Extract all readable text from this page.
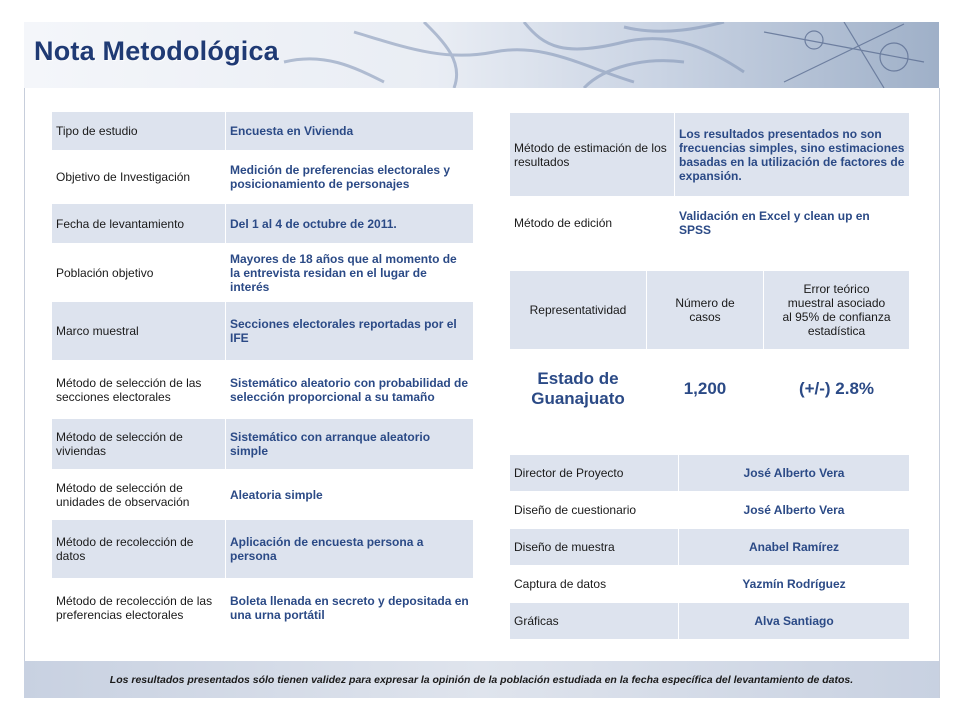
Nota Metodológica
Tipo de estudio	Encuesta en Vivienda
Objetivo de Investigación	Medición de preferencias electorales y posicionamiento de personajes
Fecha de levantamiento	Del 1 al 4 de octubre de 2011.
Población objetivo	Mayores de 18 años que al momento de la entrevista residan en el lugar de interés
Marco muestral	Secciones electorales reportadas por el IFE
Método de selección de las secciones electorales	Sistemático aleatorio con probabilidad de selección proporcional a su tamaño
Método de selección de viviendas	Sistemático con arranque aleatorio simple
Método de selección de unidades de observación	Aleatoria simple
Método de recolección de datos	Aplicación de encuesta persona a persona
Método de recolección de las preferencias electorales	Boleta llenada en secreto y depositada en una urna portátil
Método de estimación de los resultados	Los resultados presentados no son frecuencias simples, sino estimaciones basadas en la utilización de factores de expansión.
Método de edición	Validación en Excel y clean up en SPSS
Representatividad	Número de casos	Error teórico muestral asociado al 95% de confianza estadística
Estado de Guanajuato	1,200	(+/-) 2.8%
Director de Proyecto	José Alberto Vera
Diseño de cuestionario	José Alberto Vera
Diseño de muestra	Anabel Ramírez
Captura de datos	Yazmín Rodríguez
Gráficas	Alva Santiago
Los resultados presentados sólo tienen validez para expresar la opinión de la población estudiada en la fecha específica del levantamiento de datos.
